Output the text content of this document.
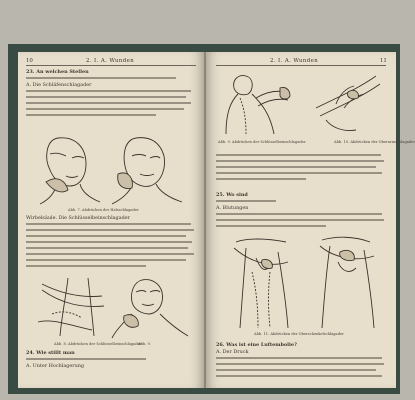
10	2. I. A. Wunden
23. An welchen Stellen
A. Die Schläfenschlagader
Abb. 7. Abdrücken der Halsschlagader
Wirbelsäule. Die Schlüsselbeinschlagader
Abb. 8. Abdrücken der Schlüsselbeinschlagader
Abb. 9.
24. Wie stillt man
A. Unter Hochlagerung
2. I. A. Wunden	11
Abb. 9. Abdrücken der Schlüsselbeinschlagader	Abb. 10. Abdrücken der Oberarmschlagader
25. Wo sind
A. Blutungen
Abb. 11. Abdrücken der Oberschenkelschlagader
26. Was ist eine Luftembolie?
A. Der Druck
